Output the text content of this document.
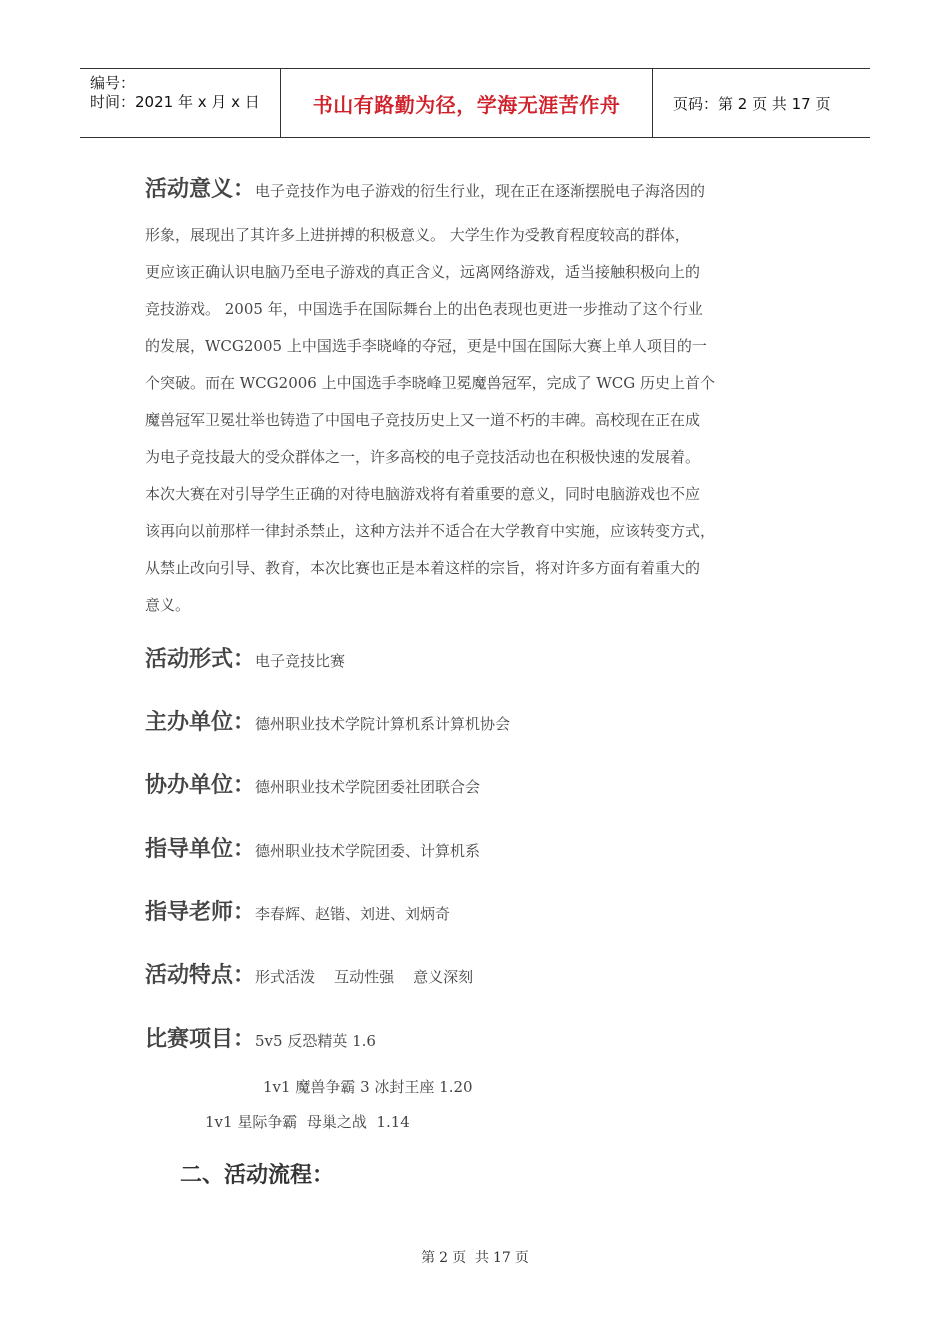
编号：
时间：2021 年 x 月 x 日	书山有路勤为径，学海无涯苦作舟	页码：第 2 页 共 17 页
活动意义：电子竞技作为电子游戏的衍生行业，现在正在逐渐摆脱电子海洛因的
形象，展现出了其许多上进拼搏的积极意义。 大学生作为受教育程度较高的群体，
更应该正确认识电脑乃至电子游戏的真正含义，远离网络游戏，适当接触积极向上的
竞技游戏。 2005 年，中国选手在国际舞台上的出色表现也更进一步推动了这个行业
的发展，WCG2005 上中国选手李晓峰的夺冠，更是中国在国际大赛上单人项目的一
个突破。而在 WCG2006 上中国选手李晓峰卫冕魔兽冠军，完成了 WCG 历史上首个
魔兽冠军卫冕壮举也铸造了中国电子竞技历史上又一道不朽的丰碑。高校现在正在成
为电子竞技最大的受众群体之一，许多高校的电子竞技活动也在积极快速的发展着。
本次大赛在对引导学生正确的对待电脑游戏将有着重要的意义，同时电脑游戏也不应
该再向以前那样一律封杀禁止，这种方法并不适合在大学教育中实施，应该转变方式，
从禁止改向引导、教育，本次比赛也正是本着这样的宗旨，将对许多方面有着重大的
意义。
活动形式：电子竞技比赛
主办单位：德州职业技术学院计算机系计算机协会
协办单位：德州职业技术学院团委社团联合会
指导单位：德州职业技术学院团委、计算机系
指导老师：李春辉、赵锴、刘进、刘炳奇
活动特点：形式活泼    互动性强    意义深刻
比赛项目：5v5 反恐精英 1.6
1v1 魔兽争霸 3 冰封王座 1.20
1v1 星际争霸  母巢之战  1.14
二、活动流程：
第 2 页  共 17 页
